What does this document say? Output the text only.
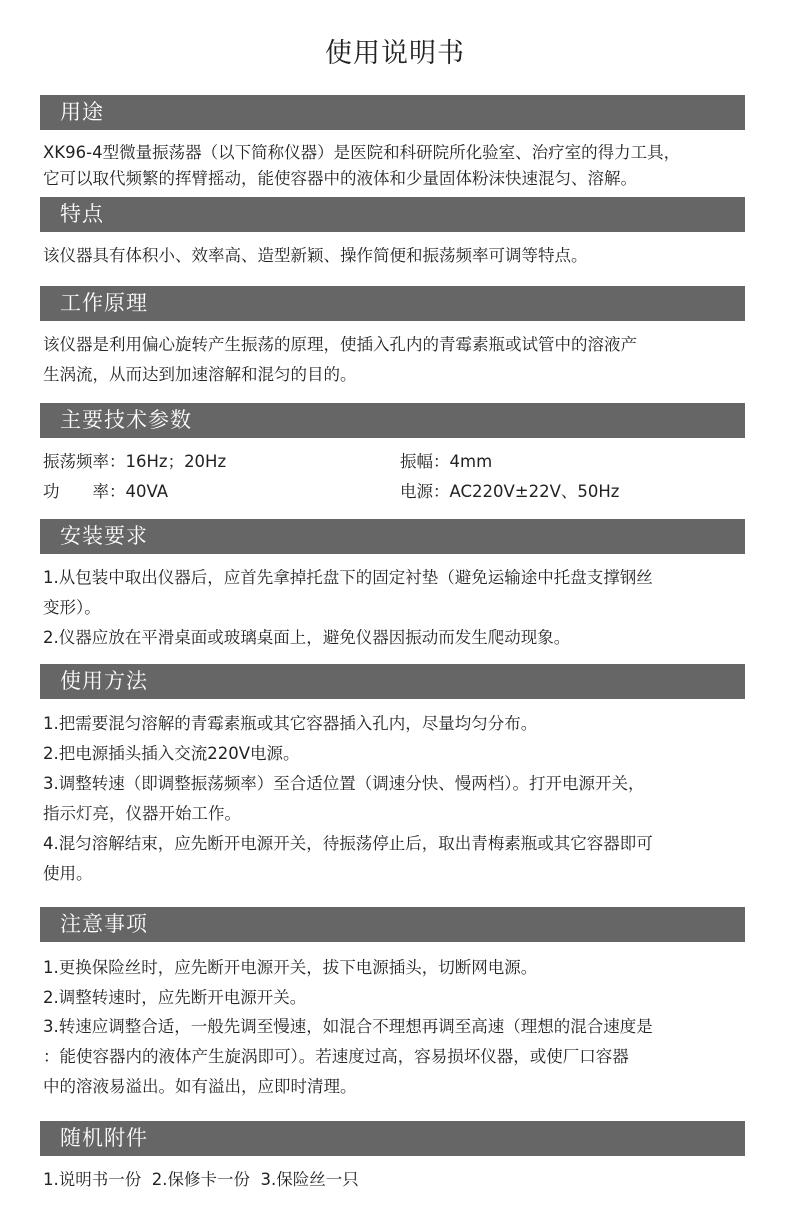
使用说明书
用途
XK96-4型微量振荡器（以下简称仪器）是医院和科研院所化验室、治疗室的得力工具，
它可以取代频繁的挥臂摇动，能使容器中的液体和少量固体粉沫快速混匀、溶解。
特点
该仪器具有体积小、效率高、造型新颖、操作简便和振荡频率可调等特点。
工作原理
该仪器是利用偏心旋转产生振荡的原理，使插入孔内的青霉素瓶或试管中的溶液产
生涡流，从而达到加速溶解和混匀的目的。
主要技术参数
振荡频率：16Hz；20Hz	振幅：4mm
功　　率：40VA	电源：AC220V±22V、50Hz
安装要求
1.从包装中取出仪器后，应首先拿掉托盘下的固定衬垫（避免运输途中托盘支撑钢丝
变形）。
2.仪器应放在平滑桌面或玻璃桌面上，避免仪器因振动而发生爬动现象。
使用方法
1.把需要混匀溶解的青霉素瓶或其它容器插入孔内，尽量均匀分布。
2.把电源插头插入交流220V电源。
3.调整转速（即调整振荡频率）至合适位置（调速分快、慢两档）。打开电源开关，
指示灯亮，仪器开始工作。
4.混匀溶解结束，应先断开电源开关，待振荡停止后，取出青梅素瓶或其它容器即可
使用。
注意事项
1.更换保险丝时，应先断开电源开关，拔下电源插头，切断网电源。
2.调整转速时，应先断开电源开关。
3.转速应调整合适，一般先调至慢速，如混合不理想再调至高速（理想的混合速度是
：能使容器内的液体产生旋涡即可）。若速度过高，容易损坏仪器，或使厂口容器
中的溶液易溢出。如有溢出，应即时清理。
随机附件
1.说明书一份  2.保修卡一份  3.保险丝一只
